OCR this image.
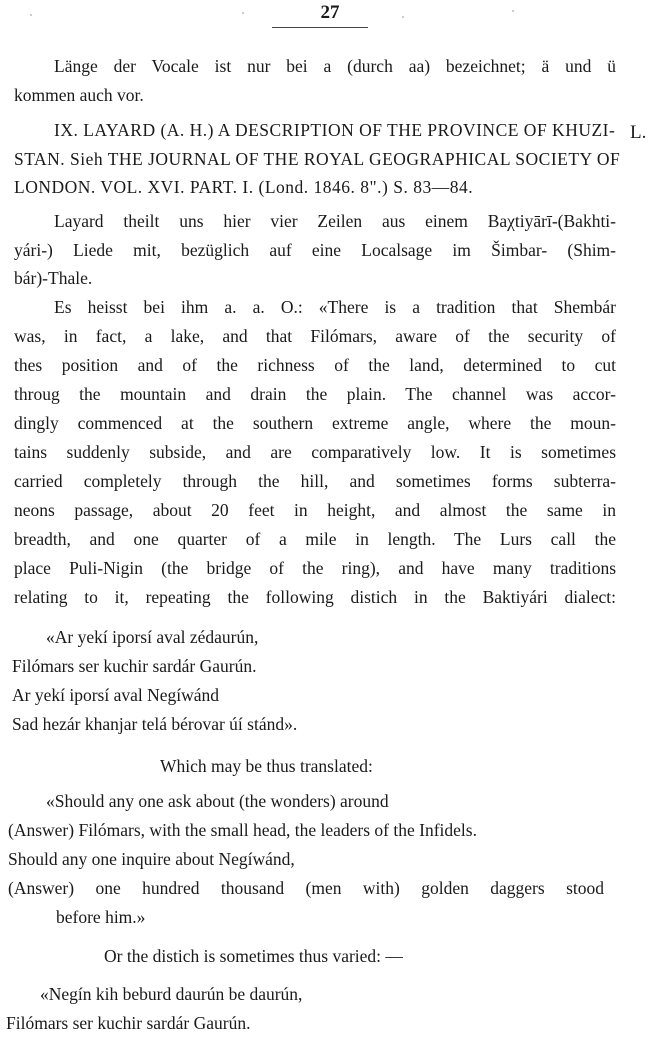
27
L.
Länge der Vocale ist nur bei a (durch aa) bezeichnet; ä und ü
kommen auch vor.
IX. LAYARD (A. H.) A DESCRIPTION OF THE PROVINCE OF KHUZI-
STAN. Sieh THE JOURNAL OF THE ROYAL GEOGRAPHICAL SOCIETY OF
LONDON. VOL. XVI. PART. I. (Lond. 1846. 8".) S. 83—84.
Layard theilt uns hier vier Zeilen aus einem Baχtiyārī-(Bakhti-
yári-) Liede mit, bezüglich auf eine Localsage im Šimbar- (Shim-
bár)-Thale.
Es heisst bei ihm a. a. O.: «There is a tradition that Shembár
was, in fact, a lake, and that Filómars, aware of the security of
thes position and of the richness of the land, determined to cut
throug the mountain and drain the plain. The channel was accor-
dingly commenced at the southern extreme angle, where the moun-
tains suddenly subside, and are comparatively low. It is sometimes
carried completely through the hill, and sometimes forms subterra-
neons passage, about 20 feet in height, and almost the same in
breadth, and one quarter of a mile in length. The Lurs call the
place Puli-Nigin (the bridge of the ring), and have many traditions
relating to it, repeating the following distich in the Baktiyári dialect:
«Ar yekí iporsí aval zédaurún,
Filómars ser kuchir sardár Gaurún.
Ar yekí iporsí aval Negíwánd
Sad hezár khanjar telá bérovar úí stánd».
Which may be thus translated:
«Should any one ask about (the wonders) around
(Answer) Filómars, with the small head, the leaders of the Infidels.
Should any one inquire about Negíwánd,
(Answer) one hundred thousand (men with) golden daggers stood
before him.»
Or the distich is sometimes thus varied: —
«Negín kih beburd daurún be daurún,
Filómars ser kuchir sardár Gaurún.
